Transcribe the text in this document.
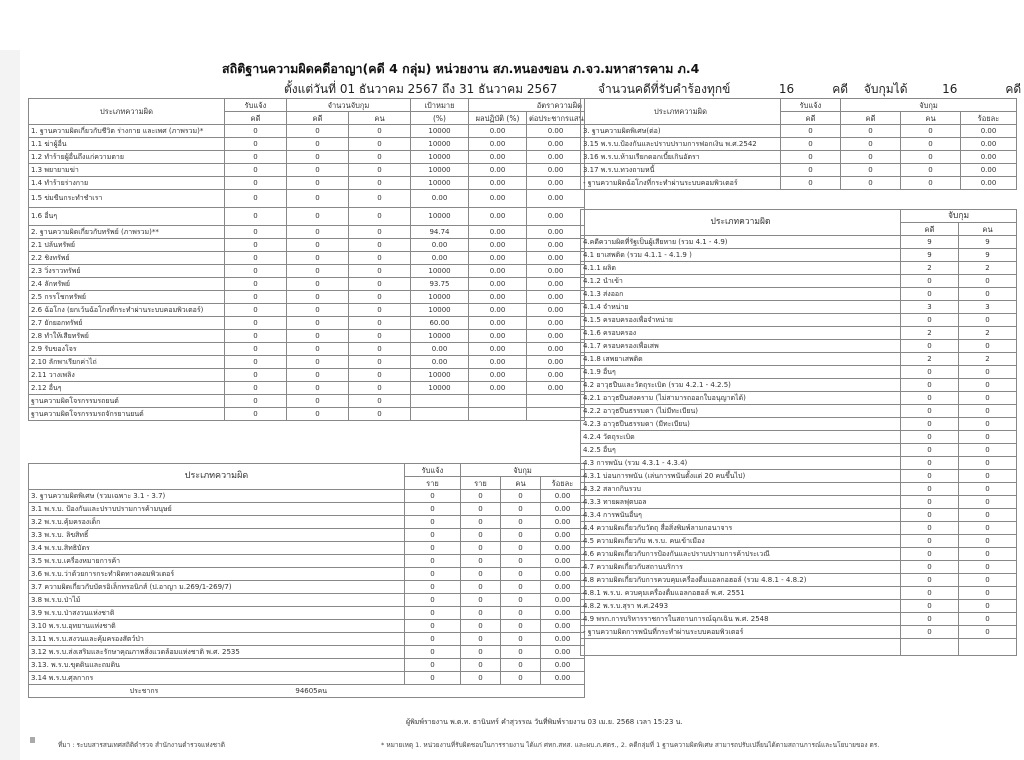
สถิติฐานความผิดคดีอาญา(คดี 4 กลุ่ม) หน่วยงาน สภ.หนองขอน ภ.จว.มหาสารคาม ภ.4
ตั้งแต่วันที่ 01 ธันวาคม 2567 ถึง 31 ธันวาคม 2567	จำนวนคดีที่รับคำร้องทุกข์	16	คดี จับกุมได้	16	คดี
ประเภทความผิด	รับแจ้ง	จำนวนจับกุม		เป้าหมาย	อัตราความผิด	
	คดี	คดี	คน	(%)	ผลปฏิบัติ (%)	ต่อประชากรแสน
1. ฐานความผิดเกี่ยวกับชีวิต ร่างกาย และเพศ (ภาพรวม)*	0	0	0	10000	0.00	0.00
1.1 ฆ่าผู้อื่น	0	0	0	10000	0.00	0.00
1.2 ทำร้ายผู้อื่นถึงแก่ความตาย	0	0	0	10000	0.00	0.00
1.3 พยายามฆ่า	0	0	0	10000	0.00	0.00
1.4 ทำร้ายร่างกาย	0	0	0	10000	0.00	0.00
1.5 ข่มขืนกระทำชำเรา	0	0	0	0.00	0.00	0.00
1.6 อื่นๆ	0	0	0	10000	0.00	0.00
2. ฐานความผิดเกี่ยวกับทรัพย์ (ภาพรวม)**	0	0	0	94.74	0.00	0.00
2.1 ปล้นทรัพย์	0	0	0	0.00	0.00	0.00
2.2 ชิงทรัพย์	0	0	0	0.00	0.00	0.00
2.3 วิ่งราวทรัพย์	0	0	0	10000	0.00	0.00
2.4 ลักทรัพย์	0	0	0	93.75	0.00	0.00
2.5 กรรโชกทรัพย์	0	0	0	10000	0.00	0.00
2.6 ฉ้อโกง (ยกเว้นฉ้อโกงที่กระทำผ่านระบบคอมพิวเตอร์)	0	0	0	10000	0.00	0.00
2.7 ยักยอกทรัพย์	0	0	0	60.00	0.00	0.00
2.8 ทำให้เสียทรัพย์	0	0	0	10000	0.00	0.00
2.9 รับของโจร	0	0	0	0.00	0.00	0.00
2.10 ลักพาเรียกค่าไถ่	0	0	0	0.00	0.00	0.00
2.11 วางเพลิง	0	0	0	10000	0.00	0.00
2.12 อื่นๆ	0	0	0	10000	0.00	0.00
ฐานความผิดโจรกรรมรถยนต์	0	0	0			
ฐานความผิดโจรกรรมรถจักรยานยนต์	0	0	0			
ประเภทความผิด	รับแจ้ง	จับกุม		
	ราย	ราย	คน	ร้อยละ
3. ฐานความผิดพิเศษ (รวมเฉพาะ 3.1 - 3.7)	0	0	0	0.00
3.1 พ.ร.บ. ป้องกันและปราบปรามการค้ามนุษย์	0	0	0	0.00
3.2 พ.ร.บ.คุ้มครองเด็ก	0	0	0	0.00
3.3 พ.ร.บ. ลิขสิทธิ์	0	0	0	0.00
3.4 พ.ร.บ.สิทธิบัตร	0	0	0	0.00
3.5 พ.ร.บ.เครื่องหมายการค้า	0	0	0	0.00
3.6 พ.ร.บ.ว่าด้วยการกระทำผิดทางคอมพิวเตอร์	0	0	0	0.00
3.7 ความผิดเกี่ยวกับบัตรอิเล็กทรอนิกส์ (ป.อาญา ม.269/1-269/7)	0	0	0	0.00
3.8 พ.ร.บ.ป่าไม้	0	0	0	0.00
3.9 พ.ร.บ.ป่าสงวนแห่งชาติ	0	0	0	0.00
3.10 พ.ร.บ.อุทยานแห่งชาติ	0	0	0	0.00
3.11 พ.ร.บ.สงวนและคุ้มครองสัตว์ป่า	0	0	0	0.00
3.12 พ.ร.บ.ส่งเสริมและรักษาคุณภาพสิ่งแวดล้อมแห่งชาติ พ.ศ. 2535	0	0	0	0.00
3.13. พ.ร.บ.ขุดดินและถมดิน	0	0	0	0.00
3.14 พ.ร.บ.ศุลกากร	0	0	0	0.00
ประชากร 94605คน				
ประเภทความผิด	รับแจ้ง	จับกุม		
	คดี	คดี	คน	ร้อยละ
3. ฐานความผิดพิเศษ(ต่อ)	0	0	0	0.00
3.15 พ.ร.บ.ป้องกันและปราบปรามการฟอกเงิน พ.ศ.2542	0	0	0	0.00
3.16 พ.ร.บ.ห้ามเรียกดอกเบี้ยเกินอัตรา	0	0	0	0.00
3.17 พ.ร.บ.ทวงถามหนี้	0	0	0	0.00
- ฐานความผิดฉ้อโกงที่กระทำผ่านระบบคอมพิวเตอร์	0	0	0	0.00
ประเภทความผิด	จับกุม	
	คดี	คน
4.คดีความผิดที่รัฐเป็นผู้เสียหาย (รวม 4.1 - 4.9)	9	9
4.1 ยาเสพติด (รวม 4.1.1 - 4.1.9 )	9	9
4.1.1 ผลิต	2	2
4.1.2 นำเข้า	0	0
4.1.3 ส่งออก	0	0
4.1.4 จำหน่าย	3	3
4.1.5 ครอบครองเพื่อจำหน่าย	0	0
4.1.6 ครอบครอง	2	2
4.1.7 ครอบครองเพื่อเสพ	0	0
4.1.8 เสพยาเสพติด	2	2
4.1.9 อื่นๆ	0	0
4.2 อาวุธปืนและวัตถุระเบิด (รวม 4.2.1 - 4.2.5)	0	0
4.2.1 อาวุธปืนสงคราม (ไม่สามารถออกใบอนุญาตได้)	0	0
4.2.2 อาวุธปืนธรรมดา (ไม่มีทะเบียน)	0	0
4.2.3 อาวุธปืนธรรมดา (มีทะเบียน)	0	0
4.2.4 วัตถุระเบิด	0	0
4.2.5 อื่นๆ	0	0
4.3 การพนัน (รวม 4.3.1 - 4.3.4)	0	0
4.3.1 บ่อนการพนัน (เล่นการพนันตั้งแต่ 20 คนขึ้นไป)	0	0
4.3.2 สลากกินรวบ	0	0
4.3.3 ทายผลฟุตบอล	0	0
4.3.4 การพนันอื่นๆ	0	0
4.4 ความผิดเกี่ยวกับวัตถุ สื่อสิ่งพิมพ์ลามกอนาจาร	0	0
4.5 ความผิดเกี่ยวกับ พ.ร.บ. คนเข้าเมือง	0	0
4.6 ความผิดเกี่ยวกับการป้องกันและปราบปรามการค้าประเวณี	0	0
4.7 ความผิดเกี่ยวกับสถานบริการ	0	0
4.8 ความผิดเกี่ยวกับการควบคุมเครื่องดื่มแอลกอฮอล์ (รวม 4.8.1 - 4.8.2)	0	0
4.8.1 พ.ร.บ. ควบคุมเครื่องดื่มแอลกอฮอล์ พ.ศ. 2551	0	0
4.8.2 พ.ร.บ.สุรา พ.ศ.2493	0	0
4.9 พรก.การบริหารราชการในสถานการณ์ฉุกเฉิน พ.ศ. 2548	0	0
- ฐานความผิดการพนันที่กระทำผ่านระบบคอมพิวเตอร์	0	0

ผู้พิมพ์รายงาน พ.ต.ท. ธานินทร์ คำสุวรรณ วันที่พิมพ์รายงาน 03 เม.ย. 2568 เวลา 15:23 น.
ที่มา : ระบบสารสนเทศสถิติตำรวจ สำนักงานตำรวจแห่งชาติ	* หมายเหตุ 1. หน่วยงานที่รับผิดชอบในการรายงาน ได้แก่ ศทก.สทส. และผบ.ภ.ศตร., 2. คดีกลุ่มที่ 1 ฐานความผิดพิเศษ สามารถปรับเปลี่ยนได้ตามสถานการณ์และนโยบายของ ตร.
